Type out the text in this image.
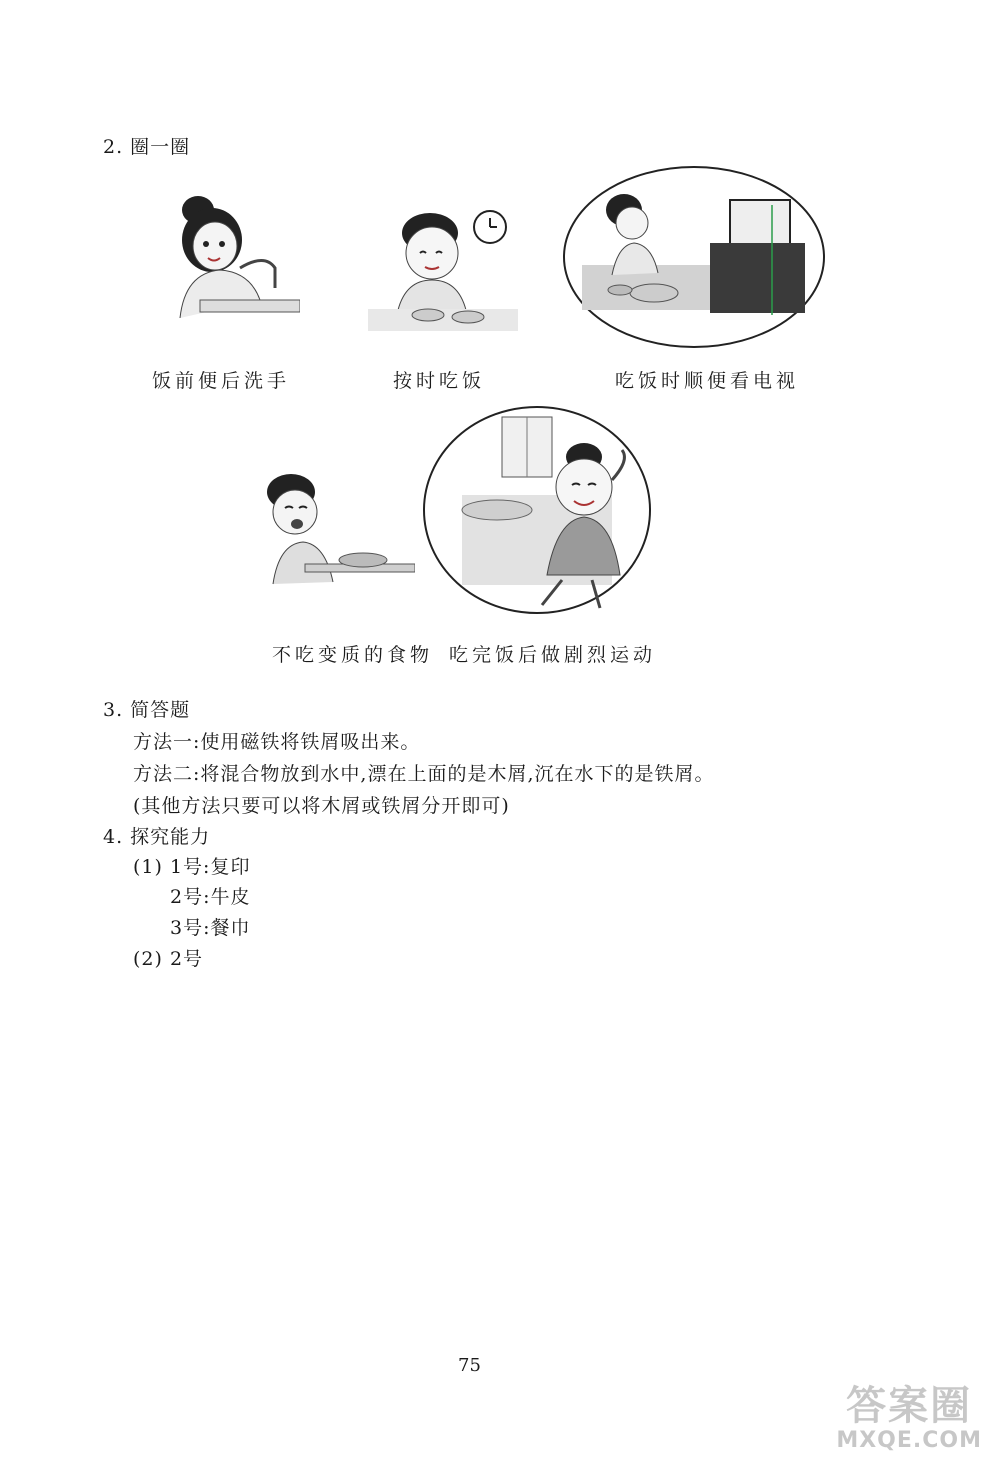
2. 圈一圈
饭前便后洗手	按时吃饭	吃饭时顺便看电视
不吃变质的食物 吃完饭后做剧烈运动
3. 简答题
方法一:使用磁铁将铁屑吸出来。
方法二:将混合物放到水中,漂在上面的是木屑,沉在水下的是铁屑。
(其他方法只要可以将木屑或铁屑分开即可)
4. 探究能力
(1) 1号:复印
2号:牛皮
3号:餐巾
(2) 2号
75
答案圈
MXQE.COM
